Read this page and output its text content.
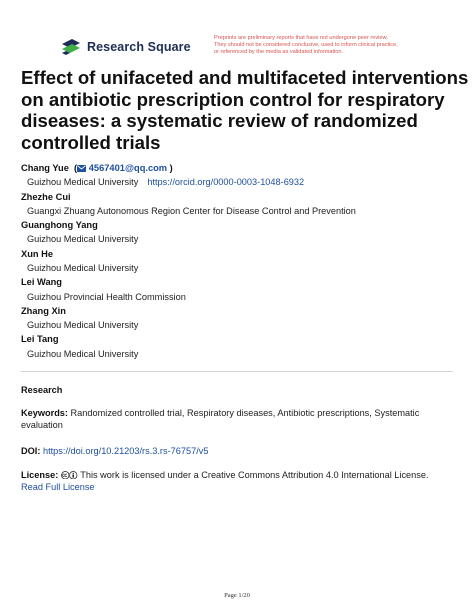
Research Square
Preprints are preliminary reports that have not undergone peer review.
They should not be considered conclusive, used to inform clinical practice,
or referenced by the media as validated information.
Effect of unifaceted and multifaceted interventions
on antibiotic prescription control for respiratory
diseases: a systematic review of randomized
controlled trials
Chang Yue  ( 4567401@qq.com )
Guizhou Medical University https://orcid.org/0000-0003-1048-6932
Zhezhe Cui
Guangxi Zhuang Autonomous Region Center for Disease Control and Prevention
Guanghong Yang
Guizhou Medical University
Xun He
Guizhou Medical University
Lei Wang
Guizhou Provincial Health Commission
Zhang Xin
Guizhou Medical University
Lei Tang
Guizhou Medical University
Research
Keywords: Randomized controlled trial, Respiratory diseases, Antibiotic prescriptions, Systematic
evaluation
DOI: https://doi.org/10.21203/rs.3.rs-76757/v5
License: This work is licensed under a Creative Commons Attribution 4.0 International License.
Read Full License
Page 1/20
